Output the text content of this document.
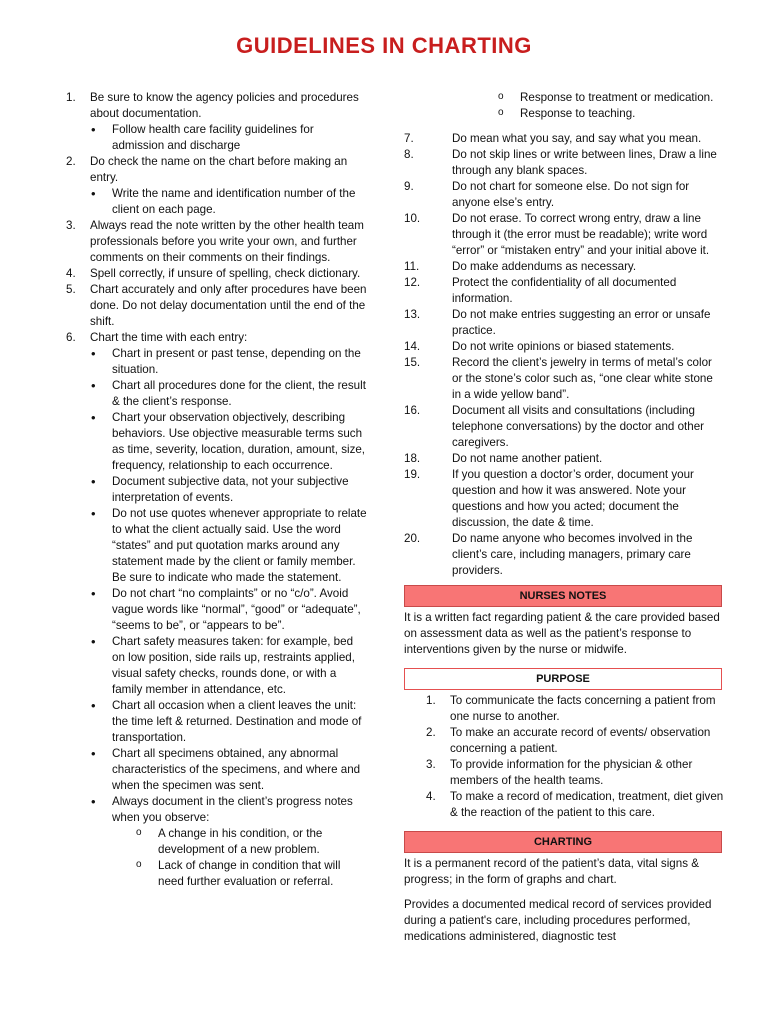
GUIDELINES IN CHARTING
1.	Be sure to know the agency policies and procedures about documentation.
• Follow health care facility guidelines for admission and discharge
2.	Do check the name on the chart before making an entry.
• Write the name and identification number of the client on each page.
3.	Always read the note written by the other health team professionals before you write your own, and further comments on their comments on their findings.
4.	Spell correctly, if unsure of spelling, check dictionary.
5.	Chart accurately and only after procedures have been done. Do not delay documentation until the end of the shift.
6.	Chart the time with each entry:
• Chart in present or past tense, depending on the situation.
• Chart all procedures done for the client, the result & the client’s response.
• Chart your observation objectively, describing behaviors. Use objective measurable terms such as time, severity, location, duration, amount, size, frequency, relationship to each occurrence.
• Document subjective data, not your subjective interpretation of events.
• Do not use quotes whenever appropriate to relate to what the client actually said. Use the word “states” and put quotation marks around any statement made by the client or family member. Be sure to indicate who made the statement.
• Do not chart “no complaints” or no “c/o”. Avoid vague words like “normal”, “good” or “adequate”, “seems to be”, or “appears to be”.
• Chart safety measures taken: for example, bed on low position, side rails up, restraints applied, visual safety checks, rounds done, or with a family member in attendance, etc.
• Chart all occasion when a client leaves the unit: the time left & returned. Destination and mode of transportation.
• Chart all specimens obtained, any abnormal characteristics of the specimens, and where and when the specimen was sent.
• Always document in the client’s progress notes when you observe:
o A change in his condition, or the development of a new problem.
o Lack of change in condition that will need further evaluation or referral.
o Response to treatment or medication.
o Response to teaching.
7.	Do mean what you say, and say what you mean.
8.	Do not skip lines or write between lines, Draw a line through any blank spaces.
9.	Do not chart for someone else. Do not sign for anyone else’s entry.
10.	Do not erase. To correct wrong entry, draw a line through it (the error must be readable); write word “error” or “mistaken entry” and your initial above it.
11.	Do make addendums as necessary.
12.	Protect the confidentiality of all documented information.
13.	Do not make entries suggesting an error or unsafe practice.
14.	Do not write opinions or biased statements.
15.	Record the client’s jewelry in terms of metal’s color or the stone’s color such as, “one clear white stone in a wide yellow band”.
16.	Document all visits and consultations (including telephone conversations) by the doctor and other caregivers.
18.	Do not name another patient.
19.	If you question a doctor’s order, document your question and how it was answered. Note your questions and how you acted; document the discussion, the date & time.
20.	Do name anyone who becomes involved in the client’s care, including managers, primary care providers.
NURSES NOTES

It is a written fact regarding patient & the care provided based on assessment data as well as the patient’s response to interventions given by the nurse or midwife.

PURPOSE
1. To communicate the facts concerning a patient from one nurse to another.
2. To make an accurate record of events/ observation concerning a patient.
3. To provide information for the physician & other members of the health teams.
4. To make a record of medication, treatment, diet given & the reaction of the patient to this care.
CHARTING

It is a permanent record of the patient’s data, vital signs & progress; in the form of graphs and chart.

Provides a documented medical record of services provided during a patient's care, including procedures performed, medications administered, diagnostic test
